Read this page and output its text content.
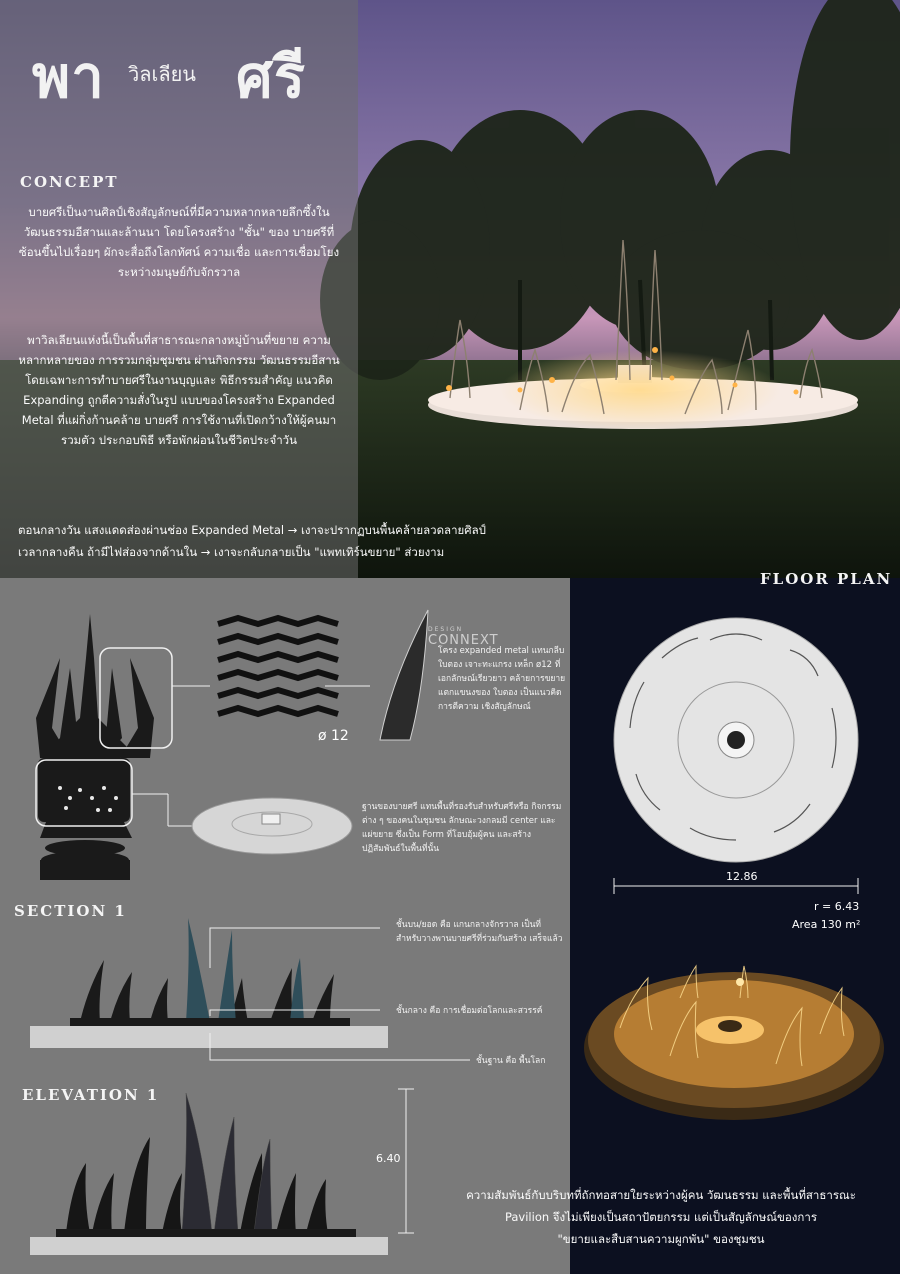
พา วิลเลียน ศรี
CONCEPT
บายศรีเป็นงานศิลป์เชิงสัญลักษณ์ที่มีความหลากหลายลึกซึ้งใน วัฒนธรรมอีสานและล้านนา โดยโครงสร้าง "ชั้น" ของ บายศรีที่ซ้อนขึ้นไปเรื่อยๆ ผักจะสื่อถึงโลกทัศน์ ความเชื่อ และการเชื่อมโยงระหว่างมนุษย์กับจักรวาล
พาวิลเลียนแห่งนี้เป็นพื้นที่สาธารณะกลางหมู่บ้านที่ขยาย ความหลากหลายของ การรวมกลุ่มชุมชน ผ่านกิจกรรม วัฒนธรรมอีสาน โดยเฉพาะการทำบายศรีในงานบุญและ พิธีกรรมสำคัญ แนวคิด Expanding ถูกตีความสั่งในรูป แบบของโครงสร้าง Expanded Metal ที่แผ่กิ่งก้านคล้าย บายศรี การใช้งานที่เปิดกว้างให้ผู้คนมารวมตัว ประกอบพิธี หรือพักผ่อนในชีวิตประจำวัน
ตอนกลางวัน แสงแดดส่องผ่านช่อง Expanded Metal → เงาจะปรากฏบนพื้นคล้ายลวดลายศิลป์
เวลากลางคืน ถ้ามีไฟส่องจากด้านใน → เงาจะกลับกลายเป็น "แพทเทิร์นขยาย" ส่วยงาม
ø 12
DESIGN
CONNEXT
โครง expanded metal แทนกลีบใบตอง เจาะทะแกรง เหล็ก ø12 ที่เอกลักษณ์เรียวยาว คล้ายการขยายแตกแขนงของ ใบตอง เป็นแนวคิดการตีความ เชิงสัญลักษณ์
ฐานของบายศรี แทนพื้นที่รองรับสำหรับศรีหรือ กิจกรรมต่าง ๆ ของคนในชุมชน ลักษณะวงกลมมี center และแผ่ขยาย ซึ่งเป็น Form ที่โอบอุ้มผู้คน และสร้างปฏิสัมพันธ์ในพื้นที่นั้น
SECTION 1
ชั้นบน/ยอด คือ แกนกลางจักรวาล เป็นที่สำหรับวางพานบายศรีที่ร่วมกันสร้าง เสร็จแล้ว
ชั้นกลาง คือ การเชื่อมต่อโลกและสวรรค์
ชั้นฐาน คือ พื้นโลก
ELEVATION 1
6.40
ความสัมพันธ์กับบริบทที่ถักทอสายใยระหว่างผู้คน วัฒนธรรม และพื้นที่สาธารณะ
Pavilion จึงไม่เพียงเป็นสถาปัตยกรรม แต่เป็นสัญลักษณ์ของการ
"ขยายและสืบสานความผูกพัน" ของชุมชน
FLOOR PLAN
12.86
r = 6.43
Area 130 m²
